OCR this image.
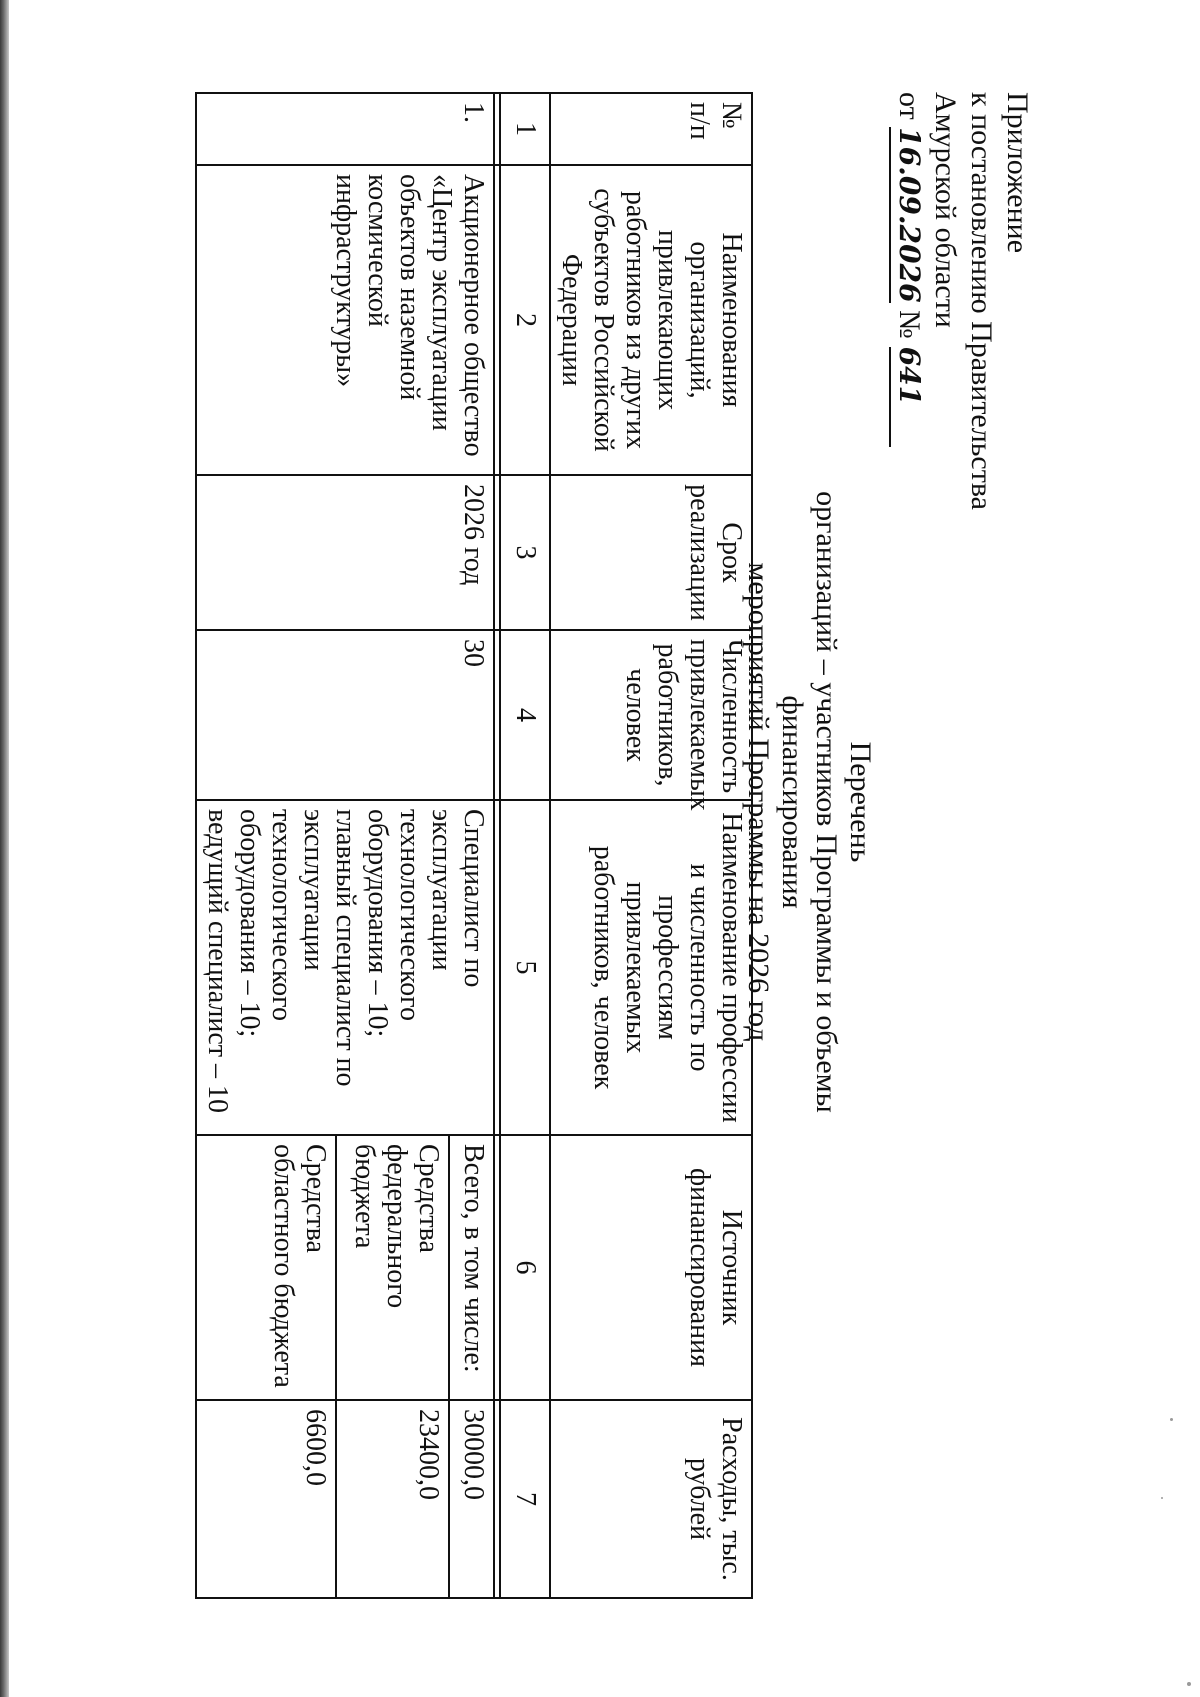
Приложение
к постановлению Правительства
Амурской области
от 16.09.2026 №641
Перечень
организаций – участников Программы и объемы финансирования
мероприятий Программы на 2026 год
№ п/п	Наименования организаций, привлекающих работников из других субъектов Российской Федерации	Срок реализации	Численность привлекаемых работников, человек	Наименование профессии и численность по профессиям привлекаемых работников, человек	Источник финансирования	Расходы, тыс. рублей
1	2	3	4	5	6	7

1.	Акционерное общество «Центр эксплуатации объектов наземной космической инфраструктуры»	2026 год	30	Специалист по эксплуатации технологического оборудования – 10; главный специалист по эксплуатации технологического оборудования – 10; ведущий специалист – 10	Всего, в том числе:	30000,0
					Средства федерального бюджета	23400,0
					Средства областного бюджета	6600,0
